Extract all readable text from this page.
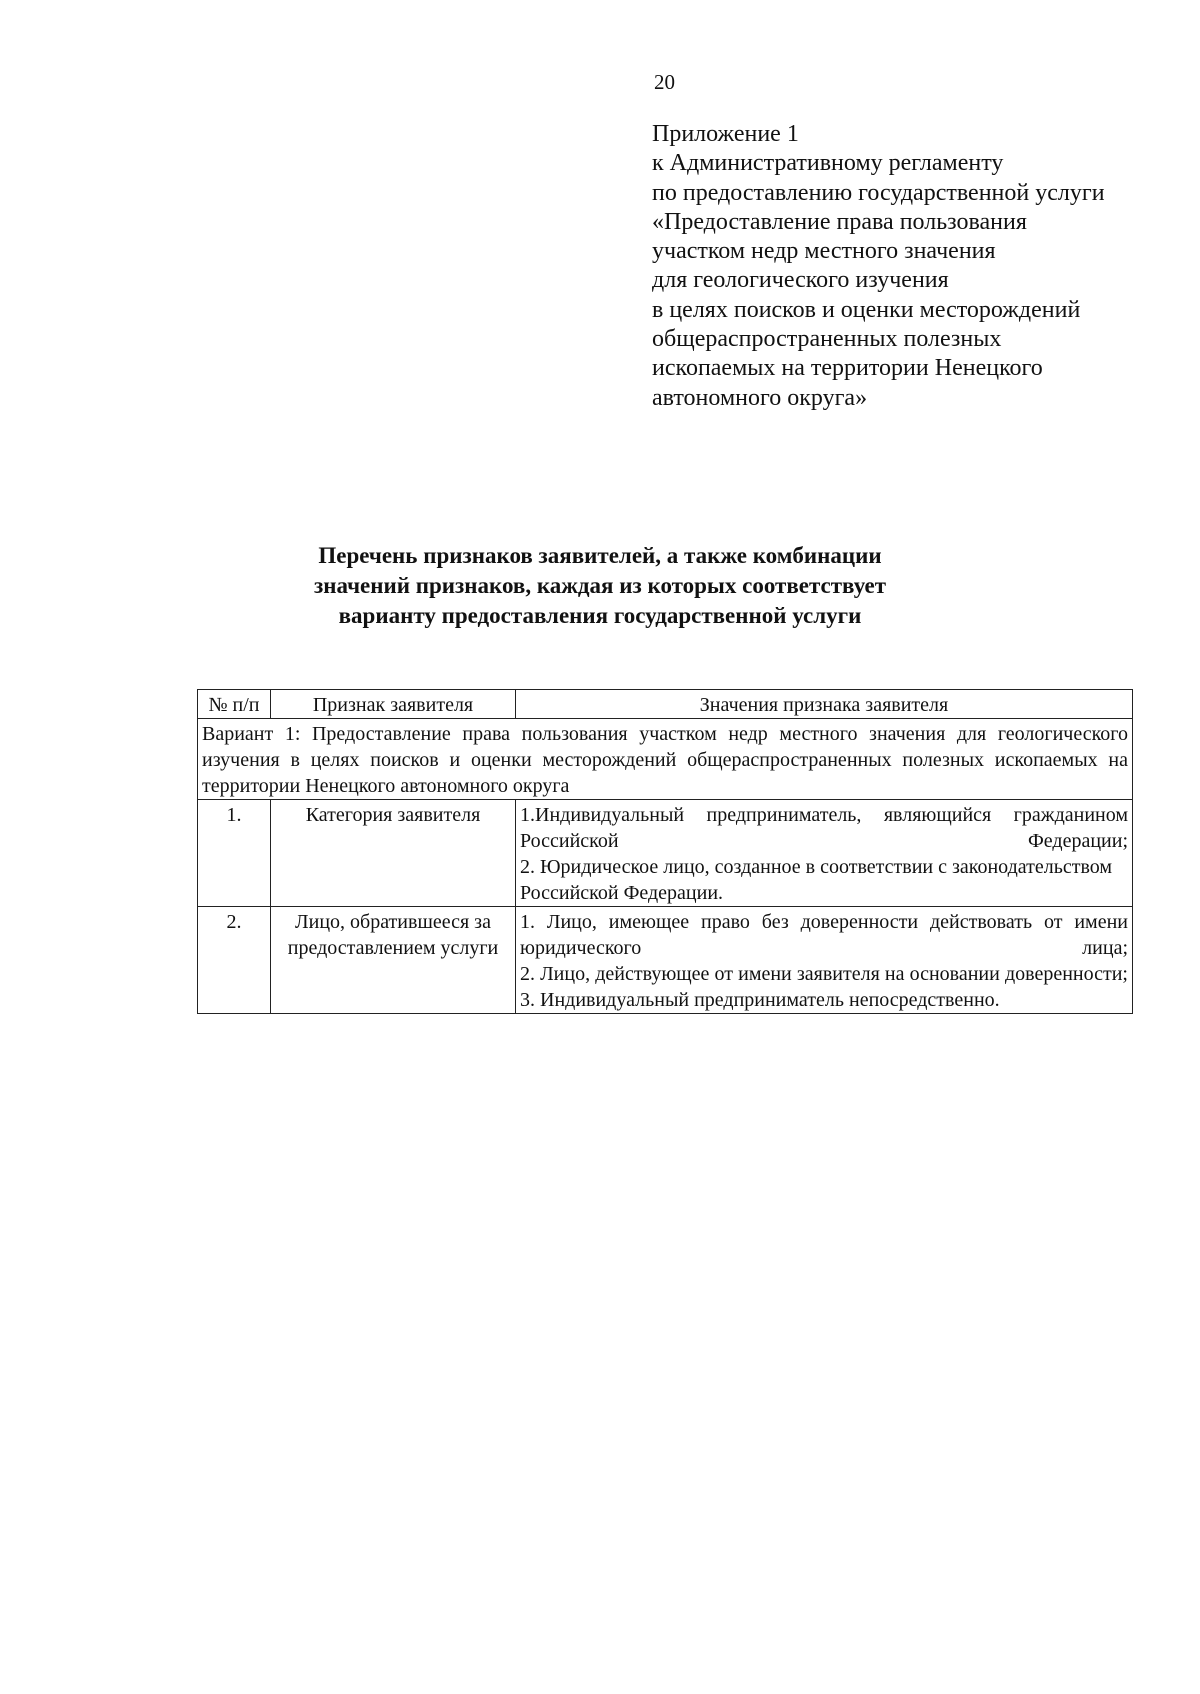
20
Приложение 1
к Административному регламенту
по предоставлению государственной услуги
«Предоставление права пользования
участком недр местного значения
для геологического изучения
в целях поисков и оценки месторождений
общераспространенных полезных
ископаемых на территории Ненецкого
автономного округа»
Перечень признаков заявителей, а также комбинации
значений признаков, каждая из которых соответствует
варианту предоставления государственной услуги
№ п/п	Признак заявителя	Значения признака заявителя
Вариант 1: Предоставление права пользования участком недр местного значения для геологического изучения в целях поисков и оценки месторождений общераспространенных полезных ископаемых на территории Ненецкого автономного округа		
1.	Категория заявителя	1.Индивидуальный предприниматель, являющийся гражданином Российской Федерации;
2. Юридическое лицо, созданное в соответствии с законодательством Российской Федерации.

2.	Лицо, обратившееся за предоставлением услуги	1. Лицо, имеющее право без доверенности действовать от имени юридического лица;
2. Лицо, действующее от имени заявителя на основании доверенности;
3. Индивидуальный предприниматель непосредственно.
